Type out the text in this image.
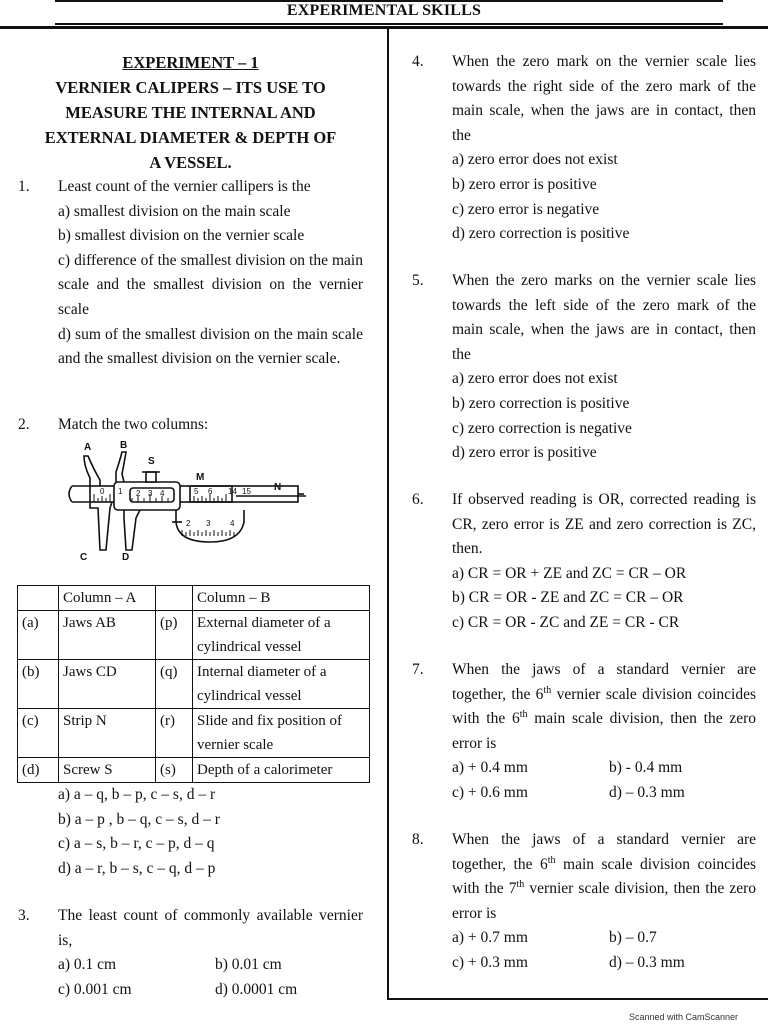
EXPERIMENTAL SKILLS
EXPERIMENT – 1
VERNIER CALIPERS – ITS USE TO
MEASURE THE INTERNAL AND
EXTERNAL DIAMETER & DEPTH OF
A VESSEL.
1. Least count of the vernier callipers is the
a) smallest division on the main scale
b) smallest division on the vernier scale
c) difference of the smallest division on the main scale and the smallest division on the vernier scale
d) sum of the smallest division on the main scale and the smallest division on the vernier scale.
2. Match the two columns:
A	B
S
M
N
C	D
0 1 2 3 4	5 6 14 15
2 3 4
	Column – A		Column – B
(a)	Jaws AB	(p)	External diameter of a cylindrical vessel
(b)	Jaws CD	(q)	Internal diameter of a cylindrical vessel
(c)	Strip N	(r)	Slide and fix position of vernier scale
(d)	Screw S	(s)	Depth of a calorimeter
a) a – q, b – p, c – s, d – r
b) a – p , b – q, c – s, d – r
c) a – s, b – r, c – p, d – q
d) a – r, b – s, c – q, d – p
3. The least count of commonly available vernier is,
a) 0.1 cm	b) 0.01 cm
c) 0.001 cm	d) 0.0001 cm
4. When the zero mark on the vernier scale lies towards the right side of the zero mark of the main scale, when the jaws are in contact, then the
a) zero error does not exist
b) zero error is positive
c) zero error is negative
d) zero correction is positive
5. When the zero marks on the vernier scale lies towards the left side of the zero mark of the main scale, when the jaws are in contact, then the
a) zero error does not exist
b) zero correction is positive
c) zero correction is negative
d) zero error is positive
6. If observed reading is OR, corrected reading is CR, zero error is ZE and zero correction is ZC, then.
a) CR = OR + ZE and ZC = CR – OR
b) CR = OR - ZE and ZC = CR – OR
c) CR = OR - ZC and ZE = CR - CR
7. When the jaws of a standard vernier are together, the 6th vernier scale division coincides with the 6th main scale division, then the zero error is
a) + 0.4 mm	b) - 0.4 mm
c) + 0.6 mm	d) – 0.3 mm
8. When the jaws of a standard vernier are together, the 6th main scale division coincides with the 7th vernier scale division, then the zero error is
a) + 0.7 mm	b) – 0.7
c) + 0.3 mm	d) – 0.3 mm
Scanned with CamScanner
